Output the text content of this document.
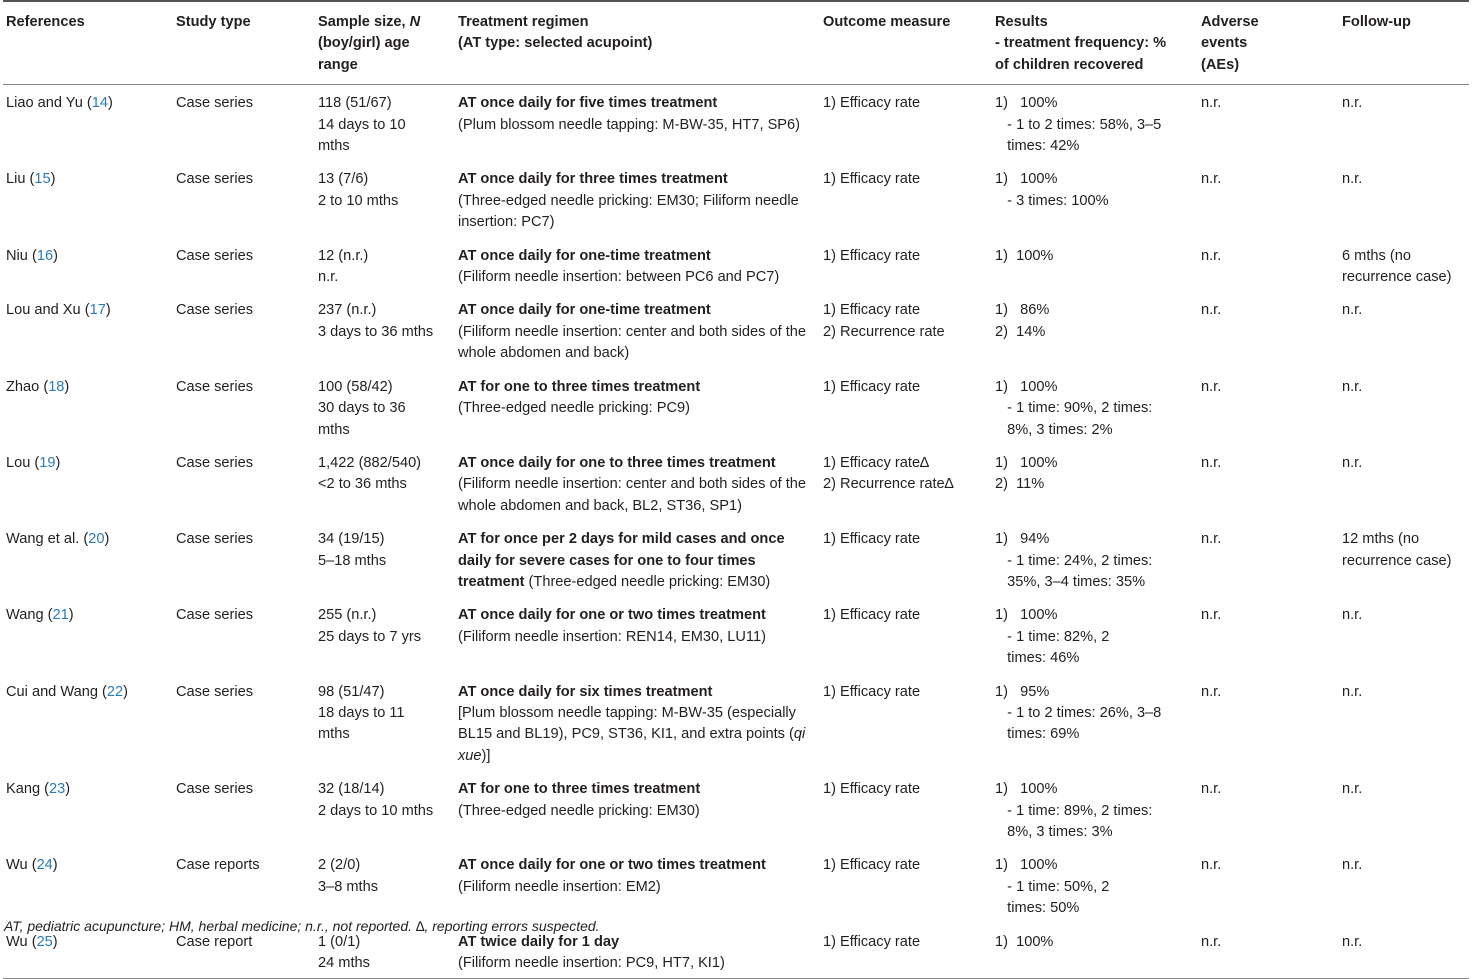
References	Study type	Sample size, N
(boy/girl) age
range	Treatment regimen
(AT type: selected acupoint)	Outcome measure	Results
- treatment frequency: %
of children recovered	Adverse
events
(AEs)	Follow-up

Liao and Yu (14)	Case series	118 (51/67)
14 days to 10
mths	AT once daily for five times treatment
(Plum blossom needle tapping: M-BW-35, HT7, SP6)	1) Efficacy rate	1)   100%
- 1 to 2 times: 58%, 3–5
times: 42%	n.r.	n.r.
Liu (15)	Case series	13 (7/6)
2 to 10 mths	AT once daily for three times treatment
(Three-edged needle pricking: EM30; Filiform needle insertion: PC7)	1) Efficacy rate	1)   100%
- 3 times: 100%	n.r.	n.r.
Niu (16)	Case series	12 (n.r.)
n.r.	AT once daily for one-time treatment
(Filiform needle insertion: between PC6 and PC7)	1) Efficacy rate	1)  100%	n.r.	6 mths (no recurrence case)
Lou and Xu (17)	Case series	237 (n.r.)
3 days to 36 mths	AT once daily for one-time treatment
(Filiform needle insertion: center and both sides of the whole abdomen and back)	1) Efficacy rate
2) Recurrence rate	1)   86%
2)  14%	n.r.	n.r.
Zhao (18)	Case series	100 (58/42)
30 days to 36
mths	AT for one to three times treatment
(Three-edged needle pricking: PC9)	1) Efficacy rate	1)   100%
- 1 time: 90%, 2 times:
8%, 3 times: 2%	n.r.	n.r.
Lou (19)	Case series	1,422 (882/540)
<2 to 36 mths	AT once daily for one to three times treatment
(Filiform needle insertion: center and both sides of the whole abdomen and back, BL2, ST36, SP1)	1) Efficacy rate∆
2) Recurrence rate∆	1)   100%
2)  11%	n.r.	n.r.
Wang et al. (20)	Case series	34 (19/15)
5–18 mths	AT for once per 2 days for mild cases and once daily for severe cases for one to four times treatment (Three-edged needle pricking: EM30)	1) Efficacy rate	1)   94%
- 1 time: 24%, 2 times:
35%, 3–4 times: 35%	n.r.	12 mths (no recurrence case)
Wang (21)	Case series	255 (n.r.)
25 days to 7 yrs	AT once daily for one or two times treatment
(Filiform needle insertion: REN14, EM30, LU11)	1) Efficacy rate	1)   100%
- 1 time: 82%, 2
times: 46%	n.r.	n.r.
Cui and Wang (22)	Case series	98 (51/47)
18 days to 11
mths	AT once daily for six times treatment
[Plum blossom needle tapping: M-BW-35 (especially BL15 and BL19), PC9, ST36, KI1, and extra points (qi xue)]	1) Efficacy rate	1)   95%
- 1 to 2 times: 26%, 3–8
times: 69%	n.r.	n.r.
Kang (23)	Case series	32 (18/14)
2 days to 10 mths	AT for one to three times treatment
(Three-edged needle pricking: EM30)	1) Efficacy rate	1)   100%
- 1 time: 89%, 2 times:
8%, 3 times: 3%	n.r.	n.r.
Wu (24)	Case reports	2 (2/0)
3–8 mths	AT once daily for one or two times treatment
(Filiform needle insertion: EM2)	1) Efficacy rate	1)   100%
- 1 time: 50%, 2
times: 50%	n.r.	n.r.
Wu (25)	Case report	1 (0/1)
24 mths	AT twice daily for 1 day
(Filiform needle insertion: PC9, HT7, KI1)	1) Efficacy rate	1)  100%	n.r.	n.r.
AT, pediatric acupuncture; HM, herbal medicine; n.r., not reported. ∆, reporting errors suspected.
